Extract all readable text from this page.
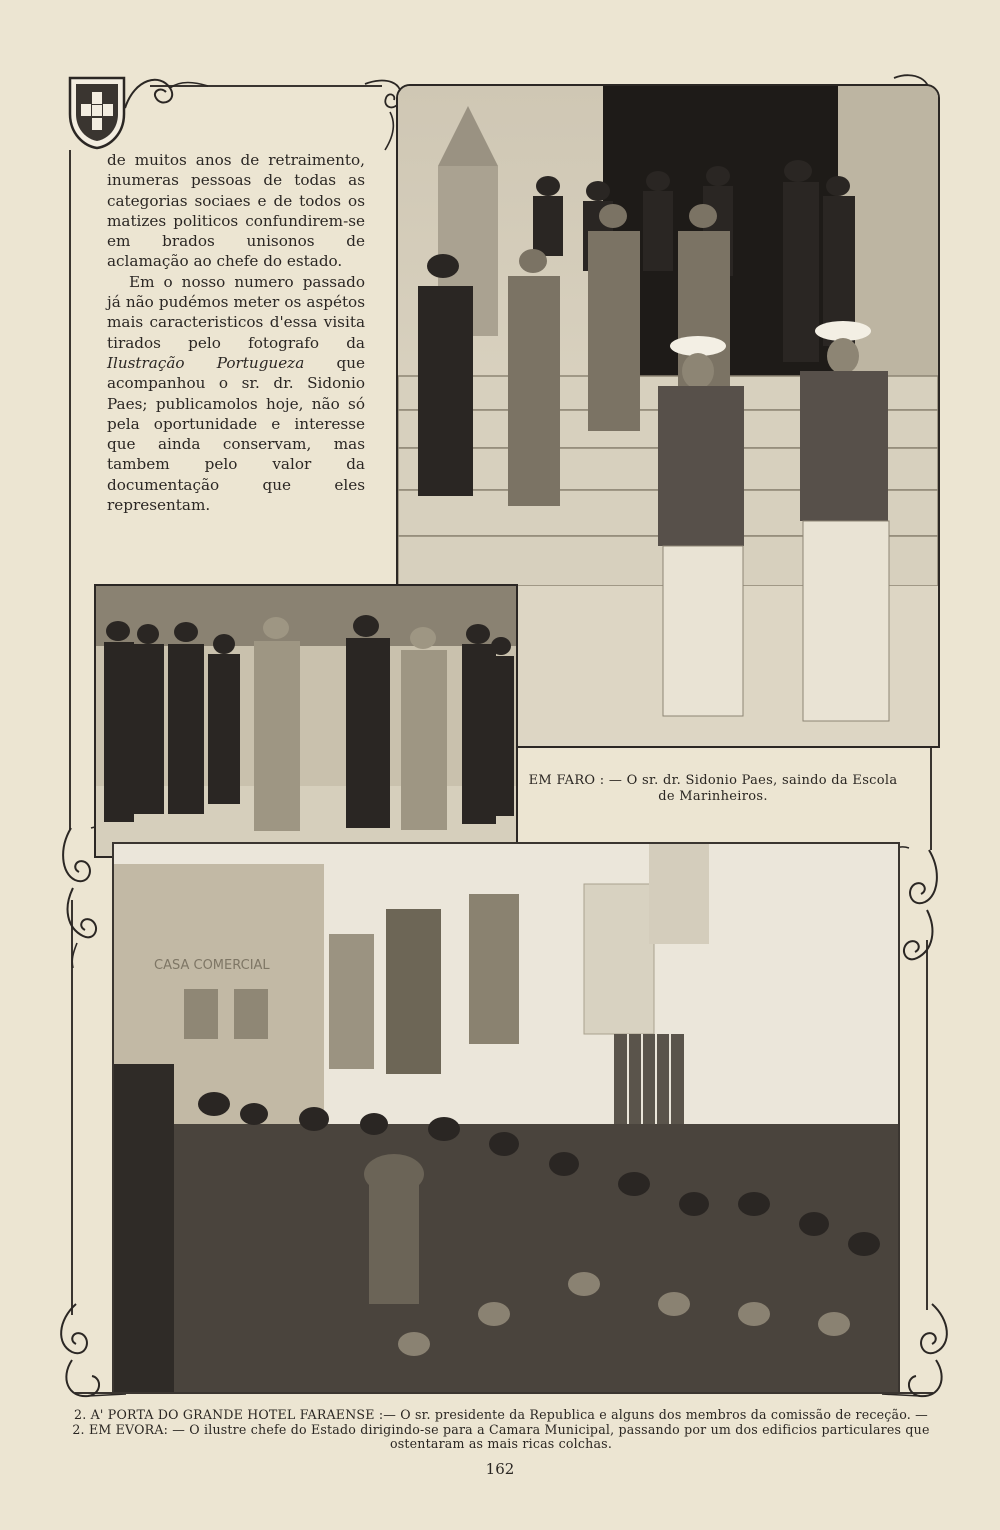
de muitos anos de retraimento, inumeras pessoas de todas as categorias sociaes e de todos os matizes politicos confundirem-se em brados unisonos de aclamação ao chefe do estado.

Em o nosso numero passado já não pudémos meter os aspétos mais caracteristicos d'essa visita tirados pelo fotografo da Ilustração Portugueza que acompanhou o sr. dr. Sidonio Paes; publicamolos hoje, não só pela oportunidade e interesse que ainda conservam, mas tambem pelo valor da documentação que eles representam.

EM FARO : — O sr. dr. Sidonio Paes, saindo da Escola de Marinheiros.
CASA COMERCIAL
2. A' PORTA DO GRANDE HOTEL FARAENSE :— O sr. presidente da Republica e alguns dos membros da comissão de receção. — 2. EM EVORA: — O ilustre chefe do Estado dirigindo-se para a Camara Municipal, passando por um dos edificios particulares que ostentaram as mais ricas colchas.
162
